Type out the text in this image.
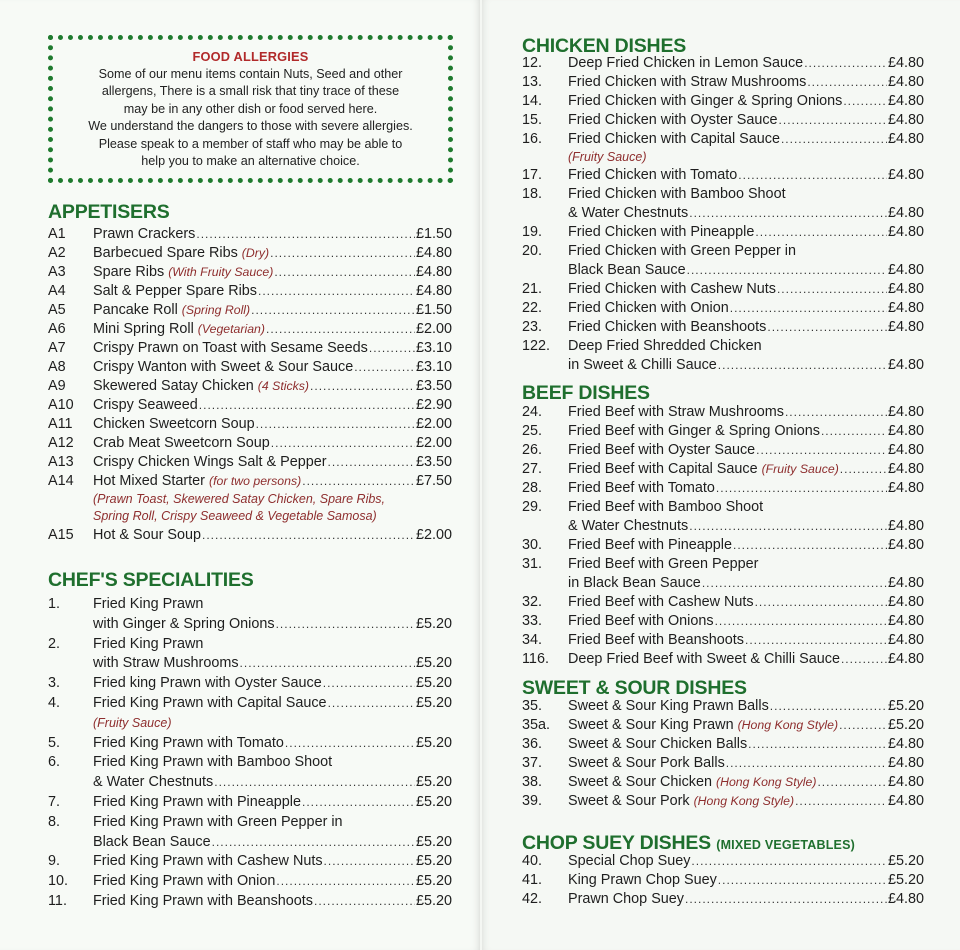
FOOD ALLERGIES
Some of our menu items contain Nuts, Seed and other
allergens, There is a small risk that tiny trace of these
may be in any other dish or food served here.
We understand the dangers to those with severe allergies.
Please speak to a member of staff who may be able to
help you to make an alternative choice.
APPETISERS
A1	Prawn Crackers .....	£1.50
A2	Barbecued Spare Ribs
(Dry) .....	£4.80
A3	Spare Ribs
(With Fruity Sauce) .....	£4.80
A4	Salt & Pepper Spare Ribs .....	£4.80
A5	Pancake Roll
(Spring Roll) .....	£1.50
A6	Mini Spring Roll
(Vegetarian) .....	£2.00
A7	Crispy Prawn on Toast with Sesame Seeds .....	£3.10
A8	Crispy Wanton with Sweet & Sour Sauce .....	£3.10
A9	Skewered Satay Chicken
(4 Sticks) .....	£3.50
A10	Crispy Seaweed .....	£2.90
A11	Chicken Sweetcorn Soup .....	£2.00
A12	Crab Meat Sweetcorn Soup .....	£2.00
A13	Crispy Chicken Wings Salt & Pepper .....	£3.50
A14	Hot Mixed Starter
(for two persons) .....	£7.50
(Prawn Toast, Skewered Satay Chicken, Spare Ribs,
Spring Roll, Crispy Seaweed & Vegetable Samosa)
A15	Hot & Sour Soup .....	£2.00
CHEF'S SPECIALITIES
1.	Fried King Prawn
with Ginger & Spring Onions .....	£5.20
2.	Fried King Prawn
with Straw Mushrooms .....	£5.20
3.	Fried king Prawn with Oyster Sauce .....	£5.20
4.	Fried King Prawn with Capital Sauce .....	£5.20
(Fruity Sauce)
5.	Fried King Prawn with Tomato .....	£5.20
6.	Fried King Prawn with Bamboo Shoot
& Water Chestnuts .....	£5.20
7.	Fried King Prawn with Pineapple .....	£5.20
8.	Fried King Prawn with Green Pepper in
Black Bean Sauce .....	£5.20
9.	Fried King Prawn with Cashew Nuts .....	£5.20
10.	Fried King Prawn with Onion .....	£5.20
11.	Fried King Prawn with Beanshoots .....	£5.20
CHICKEN DISHES
12.	Deep Fried Chicken in Lemon Sauce .....	£4.80
13.	Fried Chicken with Straw Mushrooms .....	£4.80
14.	Fried Chicken with Ginger & Spring Onions .....	£4.80
15.	Fried Chicken with Oyster Sauce .....	£4.80
16.	Fried Chicken with Capital Sauce .....	£4.80
(Fruity Sauce)
17.	Fried Chicken with Tomato .....	£4.80
18.	Fried Chicken with Bamboo Shoot
& Water Chestnuts .....	£4.80
19.	Fried Chicken with Pineapple .....	£4.80
20.	Fried Chicken with Green Pepper in
Black Bean Sauce .....	£4.80
21.	Fried Chicken with Cashew Nuts .....	£4.80
22.	Fried Chicken with Onion .....	£4.80
23.	Fried Chicken with Beanshoots .....	£4.80
122.	Deep Fried Shredded Chicken
in Sweet & Chilli Sauce .....	£4.80
BEEF DISHES
24.	Fried Beef with Straw Mushrooms .....	£4.80
25.	Fried Beef with Ginger & Spring Onions .....	£4.80
26.	Fried Beef with Oyster Sauce .....	£4.80
27.	Fried Beef with Capital Sauce
(Fruity Sauce) .....	£4.80
28.	Fried Beef with Tomato .....	£4.80
29.	Fried Beef with Bamboo Shoot
& Water Chestnuts .....	£4.80
30.	Fried Beef with Pineapple .....	£4.80
31.	Fried Beef with Green Pepper
in Black Bean Sauce .....	£4.80
32.	Fried Beef with Cashew Nuts .....	£4.80
33.	Fried Beef with Onions .....	£4.80
34.	Fried Beef with Beanshoots .....	£4.80
116.	Deep Fried Beef with Sweet & Chilli Sauce .....	£4.80
SWEET & SOUR DISHES
35.	Sweet & Sour King Prawn Balls .....	£5.20
35a.	Sweet & Sour King Prawn
(Hong Kong Style) .....	£5.20
36.	Sweet & Sour Chicken Balls .....	£4.80
37.	Sweet & Sour Pork Balls .....	£4.80
38.	Sweet & Sour Chicken
(Hong Kong Style) .....	£4.80
39.	Sweet & Sour Pork
(Hong Kong Style) .....	£4.80
CHOP SUEY DISHES (MIXED VEGETABLES)
40.	Special Chop Suey .....	£5.20
41.	King Prawn Chop Suey .....	£5.20
42.	Prawn Chop Suey .....	£4.80
